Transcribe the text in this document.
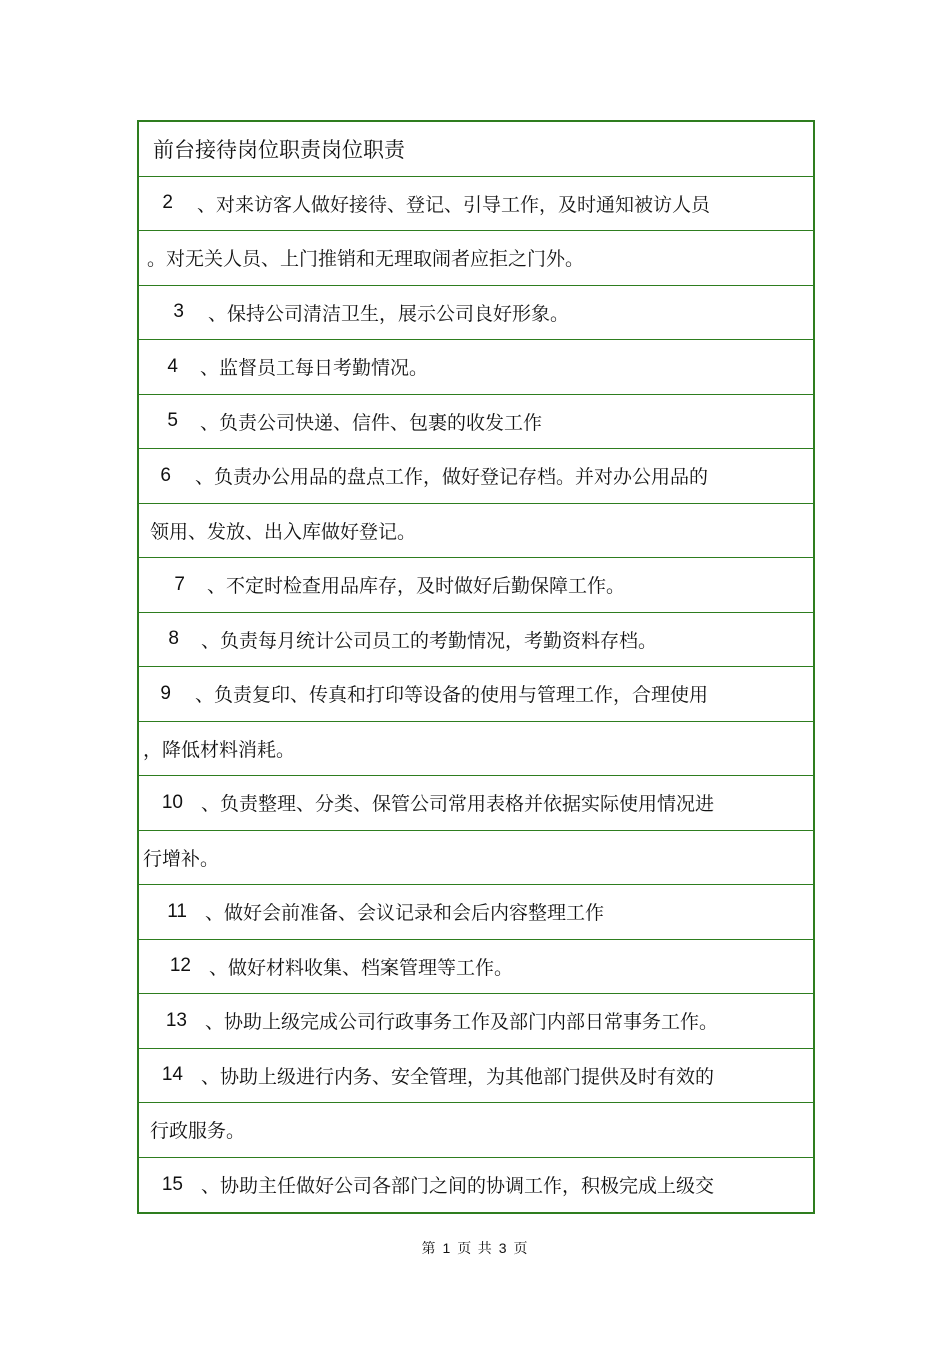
前台接待岗位职责岗位职责
2 、对来访客人做好接待、登记、引导工作，及时通知被访人员
。对无关人员、上门推销和无理取闹者应拒之门外。
3 、保持公司清洁卫生，展示公司良好形象。
4 、监督员工每日考勤情况。
5 、负责公司快递、信件、包裹的收发工作
6 、负责办公用品的盘点工作，做好登记存档。并对办公用品的
领用、发放、出入库做好登记。
7 、不定时检查用品库存，及时做好后勤保障工作。
8 、负责每月统计公司员工的考勤情况，考勤资料存档。
9 、负责复印、传真和打印等设备的使用与管理工作，合理使用
，降低材料消耗。
10 、负责整理、分类、保管公司常用表格并依据实际使用情况进
行增补。
11 、做好会前准备、会议记录和会后内容整理工作
12 、做好材料收集、档案管理等工作。
13 、协助上级完成公司行政事务工作及部门内部日常事务工作。
14 、协助上级进行内务、安全管理，为其他部门提供及时有效的
行政服务。
15 、协助主任做好公司各部门之间的协调工作，积极完成上级交
第 1 页 共 3 页
